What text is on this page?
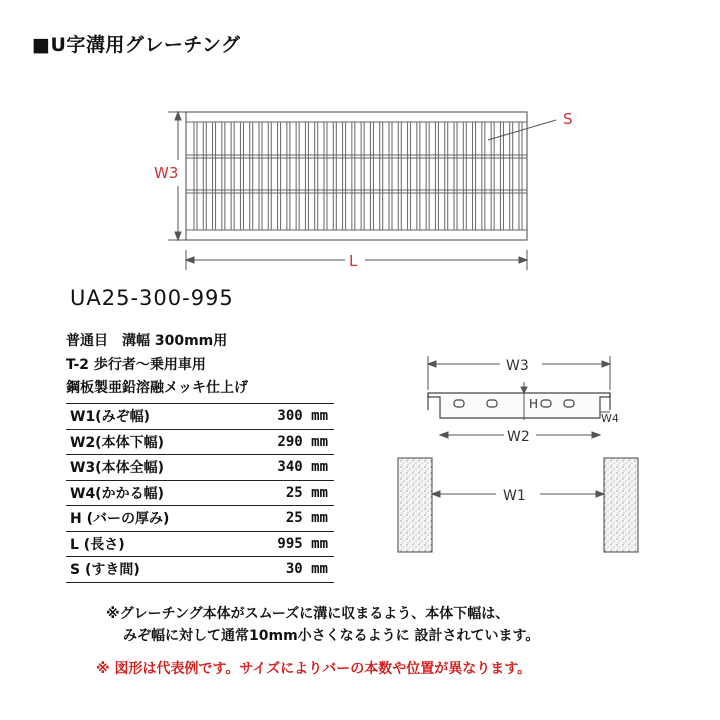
■U字溝用グレーチング
W3
L
S
UA25-300-995
普通目　溝幅 300mm用
T-2 歩行者～乗用車用
鋼板製亜鉛溶融メッキ仕上げ
W1(みぞ幅)	300 mm
W2(本体下幅)	290 mm
W3(本体全幅)	340 mm
W4(かかる幅)	25 mm
H (バーの厚み)	25 mm
L (長さ)	995 mm
S (すき間)	30 mm
W3
H
W4
W2
W1
※グレーチング本体がスムーズに溝に収まるよう、本体下幅は、
みぞ幅に対して通常10mm小さくなるように 設計されています。
※ 図形は代表例です。サイズによりバーの本数や位置が異なります。
